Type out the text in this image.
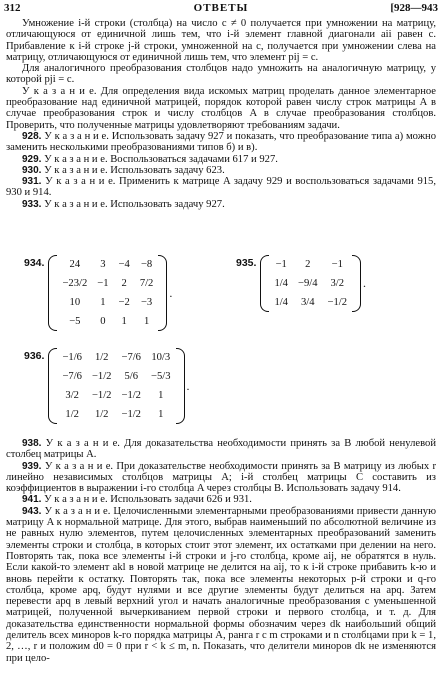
312	ОТВЕТЫ	[928—943

Умножение i-й строки (столбца) на число c ≠ 0 получается при умножении на матрицу, отличающуюся от единичной лишь тем, что i-й элемент главной диагонали aii равен c. Прибавление к i-й строке j-й строки, умноженной на c, получается при умножении слева на матрицу, отличающуюся от единичной лишь тем, что элемент pij = c.

Для аналогичного преобразования столбцов надо умножить на аналогичную матрицу, у которой pji = c.

У к а з а н и е. Для определения вида искомых матриц проделать данное элементарное преобразование над единичной матрицей, порядок которой равен числу строк матрицы A в случае преобразования строк и числу столбцов A в случае преобразования столбцов. Проверить, что полученные матрицы удовлетворяют требованиям задачи.

928. У к а з а н и е. Использовать задачу 927 и показать, что преобразование типа а) можно заменить несколькими преобразованиями типов б) и в).

929. У к а з а н и е. Воспользоваться задачами 617 и 927.

930. У к а з а н и е. Использовать задачу 623.

931. У к а з а н и е. Применить к матрице A задачу 929 и воспользоваться задачами 915, 930 и 914.

933. У к а з а н и е. Использовать задачу 927.

934.	24	3	−4	−8
−23/2	−1	2	7/2
10	1	−2	−3
−5	0	1	1
.
935.	−1	2	−1
1/4	−9/4	3/2
1/4	3/4	−1/2
.
936.	−1/6	1/2	−7/6	10/3
−7/6	−1/2	5/6	−5/3
3/2	−1/2	−1/2	1
1/2	1/2	−1/2	1
.

938. У к а з а н и е. Для доказательства необходимости принять за B любой ненулевой столбец матрицы A.

939. У к а з а н и е. При доказательстве необходимости принять за B матрицу из любых r линейно независимых столбцов матрицы A; i-й столбец матрицы C составить из коэффициентов в выражении i-го столбца A через столбцы B. Использовать задачу 914.

941. У к а з а н и е. Использовать задачи 626 и 931.

943. У к а з а н и е. Целочисленными элементарными преобразованиями привести данную матрицу A к нормальной матрице. Для этого, выбрав наименьший по абсолютной величине из не равных нулю элементов, путем целочисленных элементарных преобразований заменить элементы строки и столбца, в которых стоит этот элемент, их остатками при делении на него. Повторять так, пока все элементы i-й строки и j-го столбца, кроме aij, не обратятся в нуль. Если какой-то элемент akl в новой матрице не делится на aij, то к i-й строке прибавить k-ю и вновь перейти к остатку. Повторять так, пока все элементы некоторых p-й строки и q-го столбца, кроме apq, будут нулями и все другие элементы будут делиться на apq. Затем перевести apq в левый верхний угол и начать аналогичные преобразования с уменьшенной матрицей, полученной вычеркиванием первой строки и первого столбца, и т. д. Для доказательства единственности нормальной формы обозначим через dk наибольший общий делитель всех миноров k-го порядка матрицы A, ранга r с m строками и n столбцами при k = 1, 2, …, r и положим d0 = 0 при r < k ≤ m, n. Показать, что делители миноров dk не изменяются при цело-
